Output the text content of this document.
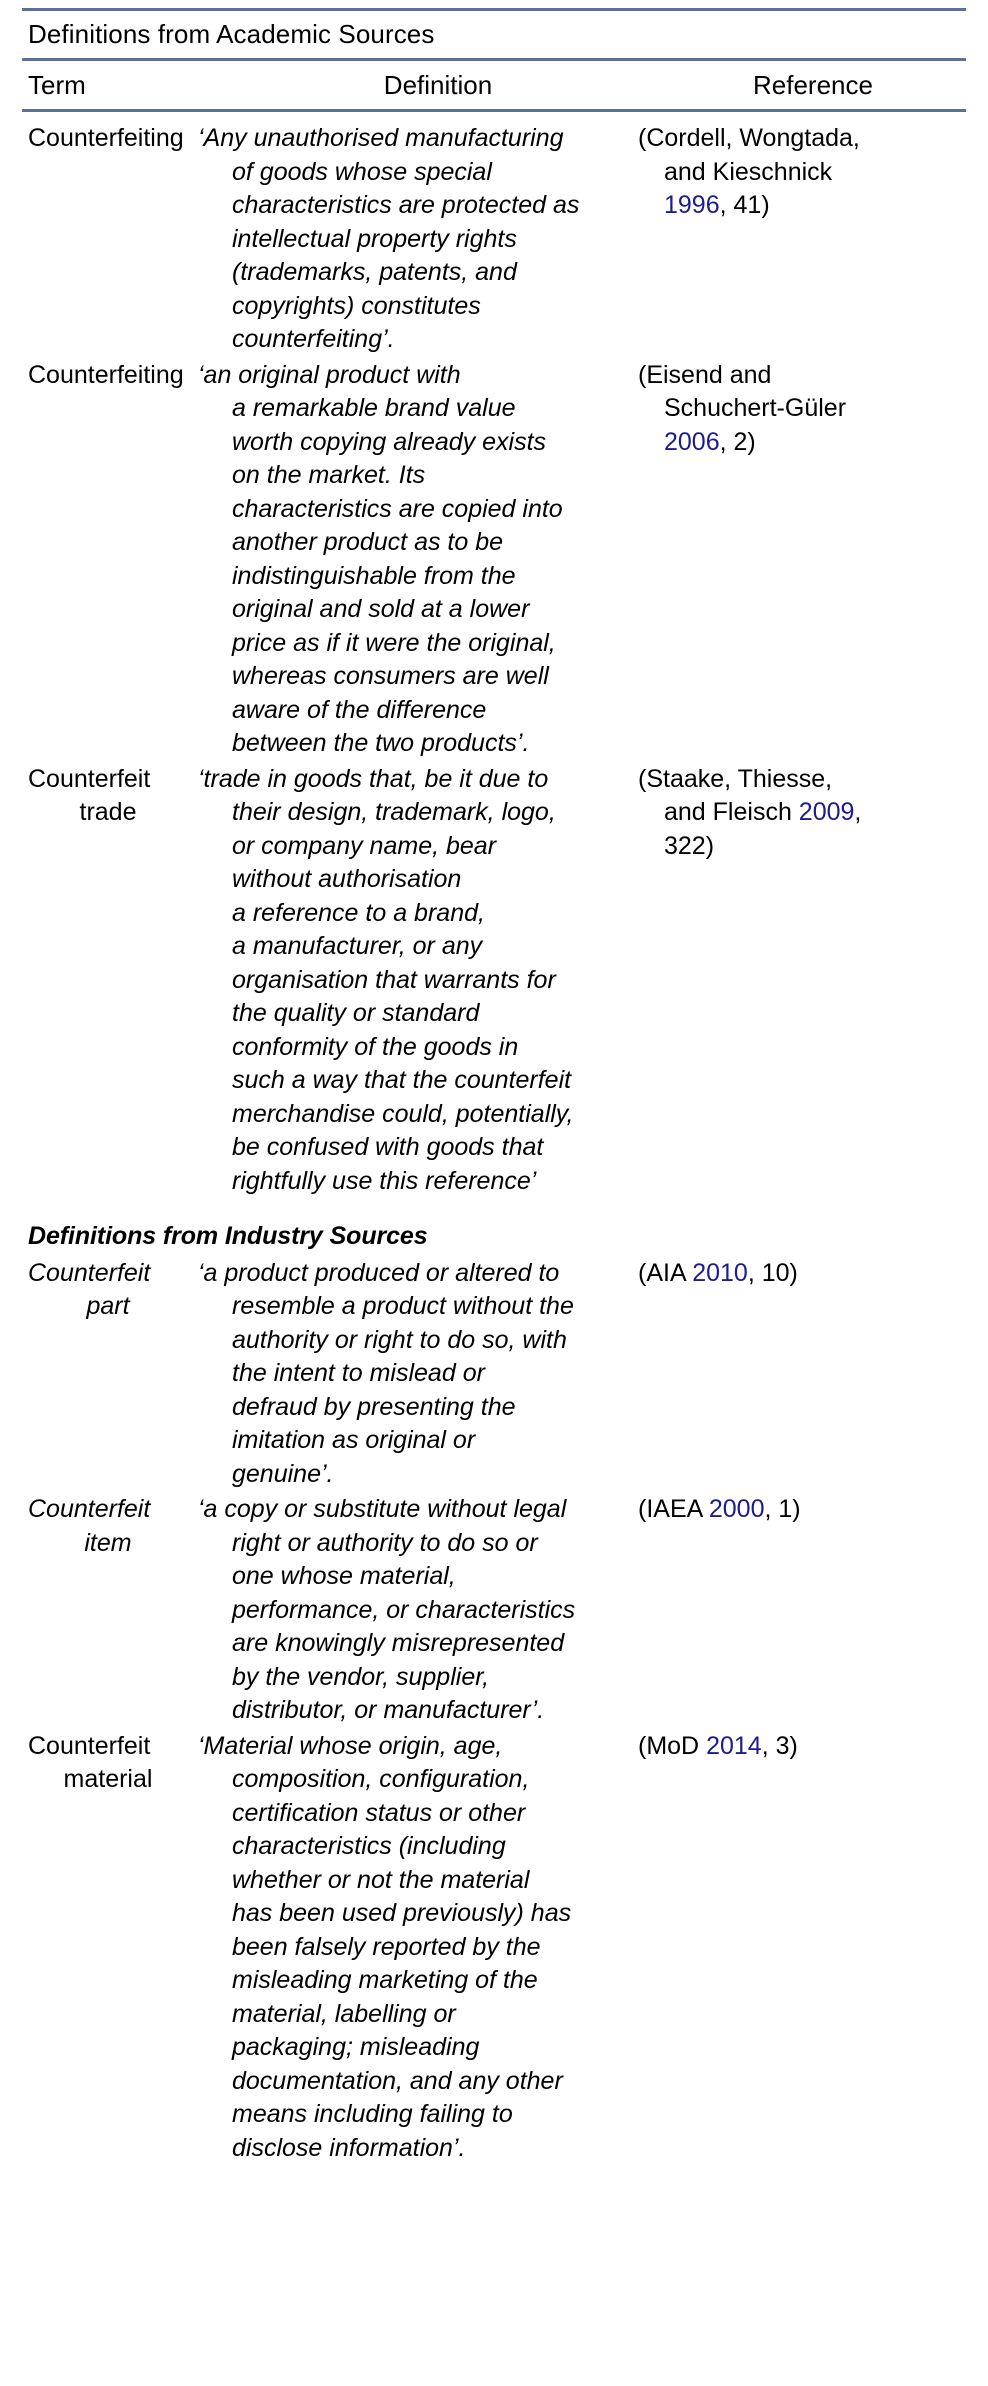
Definitions from Academic Sources
Term	Definition	Reference
Counterfeiting ‘Any unauthorised manufacturing
of goods whose special
characteristics are protected as
intellectual property rights
(trademarks, patents, and
copyrights) constitutes
counterfeiting’.
(Cordell, Wongtada,
and Kieschnick
1996, 41)
Counterfeiting ‘an original product with
a remarkable brand value
worth copying already exists
on the market. Its
characteristics are copied into
another product as to be
indistinguishable from the
original and sold at a lower
price as if it were the original,
whereas consumers are well
aware of the difference
between the two products’.
(Eisend and
Schuchert-Güler
2006, 2)
Counterfeit
trade
‘trade in goods that, be it due to
their design, trademark, logo,
or company name, bear
without authorisation
a reference to a brand,
a manufacturer, or any
organisation that warrants for
the quality or standard
conformity of the goods in
such a way that the counterfeit
merchandise could, potentially,
be confused with goods that
rightfully use this reference’
(Staake, Thiesse,
and Fleisch 2009,
322)
Definitions from Industry Sources
Counterfeit
part
‘a product produced or altered to
resemble a product without the
authority or right to do so, with
the intent to mislead or
defraud by presenting the
imitation as original or
genuine’.
(AIA 2010, 10)
Counterfeit
item
‘a copy or substitute without legal
right or authority to do so or
one whose material,
performance, or characteristics
are knowingly misrepresented
by the vendor, supplier,
distributor, or manufacturer’.
(IAEA 2000, 1)
Counterfeit
material
‘Material whose origin, age,
composition, configuration,
certification status or other
characteristics (including
whether or not the material
has been used previously) has
been falsely reported by the
misleading marketing of the
material, labelling or
packaging; misleading
documentation, and any other
means including failing to
disclose information’.
(MoD 2014, 3)
